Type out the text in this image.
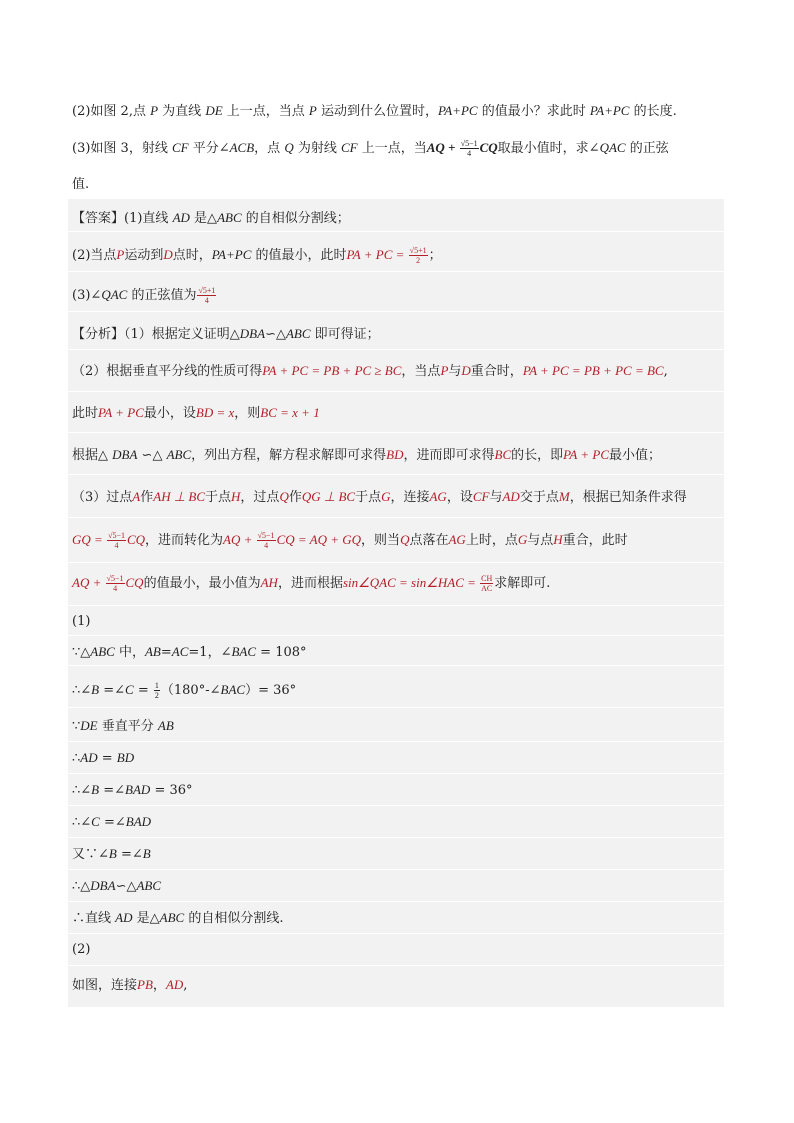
(2)如图 2,点 P 为直线 DE 上一点，当点 P 运动到什么位置时，PA+PC 的值最小？求此时 PA+PC 的长度.
(3)如图 3，射线 CF 平分∠ACB，点 Q 为射线 CF 上一点，当AQ + $\frac{√5-1}{4}$ CQ取最小值时，求∠QAC 的正弦
值.
【答案】(1)直线 AD 是△ABC 的自相似分割线；
(2)当点P运动到D点时，PA+PC 的值最小，此时PA + PC = $\frac{√5+1}{2}$ ；
(3)∠QAC 的正弦值为 $\frac{√5+1}{4}$
【分析】（1）根据定义证明△DBA∽△ABC 即可得证；
（2）根据垂直平分线的性质可得PA + PC = PB + PC ≥ BC，当点P与D重合时，PA + PC = PB + PC = BC,
此时PA + PC最小，设BD = x，则BC = x + 1
根据△ DBA ∽△ ABC，列出方程，解方程求解即可求得BD，进而即可求得BC的长，即PA + PC最小值；
（3）过点A作AH ⊥ BC于点H，过点Q作QG ⊥ BC于点G，连接AG，设CF与AD交于点M，根据已知条件求得
GQ = $\frac{√5-1}{4}$ CQ，进而转化为AQ + $\frac{√5-1}{4}$ CQ = AQ + GQ，则当Q点落在AG上时，点G与点H重合，此时
AQ + $\frac{√5-1}{4}$ CQ的值最小，最小值为AH，进而根据sin∠QAC = sin∠HAC = $\frac{CH}{AC}$ 求解即可.
(1)
∵△ABC 中，AB=AC=1，∠BAC = 108°
∴∠B =∠C = $\frac{1}{2}$ （180°-∠BAC）= 36°
∵DE 垂直平分 AB
∴AD = BD
∴∠B =∠BAD = 36°
∴∠C =∠BAD
又∵∠B =∠B
∴△DBA∽△ABC
∴直线 AD 是△ABC 的自相似分割线.
(2)
如图，连接PB，AD,
